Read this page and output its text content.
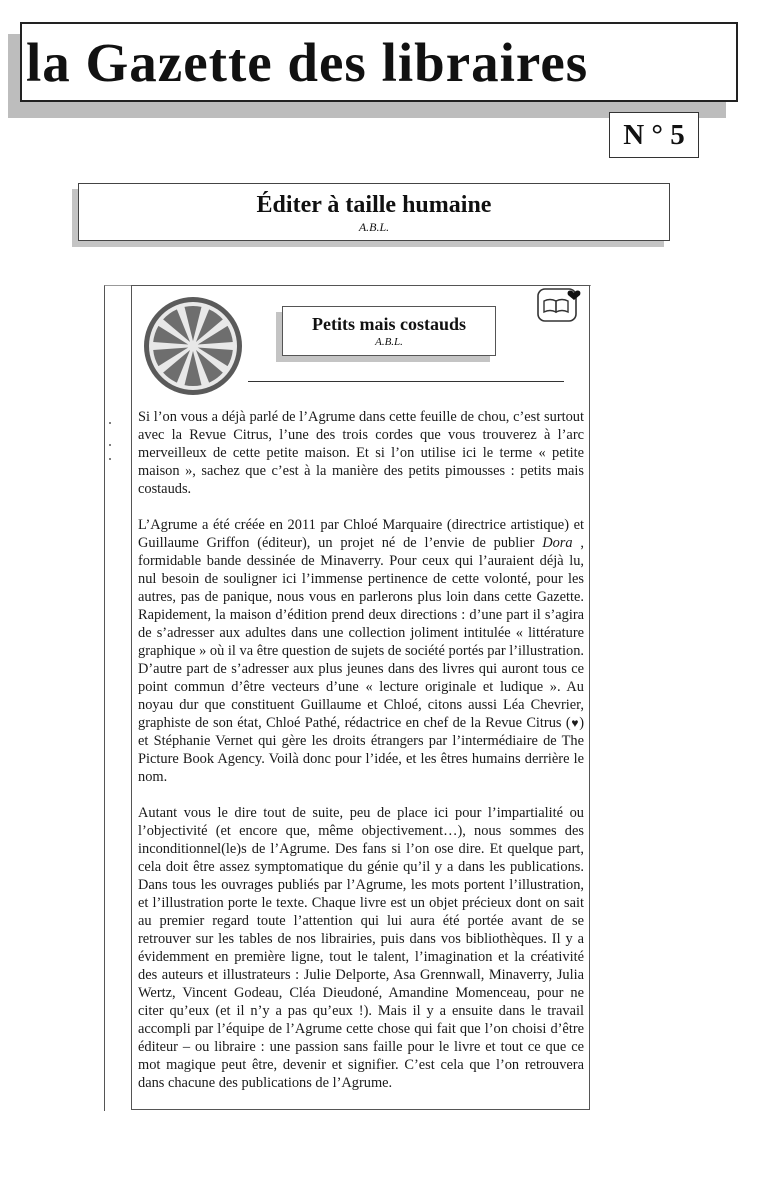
la Gazette des libraires
N ° 5
Éditer à taille humaine
A.B.L.
Petits mais costauds
A.B.L.

Si l’on vous a déjà parlé de l’Agrume dans cette feuille de chou, c’est surtout avec la Revue Citrus, l’une des trois cordes que vous trouverez à l’arc merveilleux de cette petite maison. Et si l’on utilise ici le terme « petite maison », sachez que c’est à la manière des petits pimousses : petits mais costauds.

L’Agrume a été créée en 2011 par Chloé Marquaire (directrice artistique) et Guillaume Griffon (éditeur), un projet né de l’envie de publier Dora , formidable bande dessinée de Minaverry. Pour ceux qui l’auraient déjà lu, nul besoin de souligner ici l’immense pertinence de cette volonté, pour les autres, pas de panique, nous vous en parlerons plus loin dans cette Gazette. Rapidement, la maison d’édition prend deux directions : d’une part il s’agira de s’adresser aux adultes dans une collection joliment intitulée « littérature graphique » où il va être question de sujets de société portés par l’illustration. D’autre part de s’adresser aux plus jeunes dans des livres qui auront tous ce point commun d’être vecteurs d’une « lecture originale et ludique ». Au noyau dur que constituent Guillaume et Chloé, citons aussi Léa Chevrier, graphiste de son état, Chloé Pathé, rédactrice en chef de la Revue Citrus (♥) et Stéphanie Vernet qui gère les droits étrangers par l’intermédiaire de The Picture Book Agency. Voilà donc pour l’idée, et les êtres humains derrière le nom.

Autant vous le dire tout de suite, peu de place ici pour l’impartialité ou l’objectivité (et encore que, même objectivement…), nous sommes des inconditionnel(le)s de l’Agrume. Des fans si l’on ose dire. Et quelque part, cela doit être assez symptomatique du génie qu’il y a dans les publications. Dans tous les ouvrages publiés par l’Agrume, les mots portent l’illustration, et l’illustration porte le texte. Chaque livre est un objet précieux dont on sait au premier regard toute l’attention qui lui aura été portée avant de se retrouver sur les tables de nos librairies, puis dans vos bibliothèques. Il y a évidemment en première ligne, tout le talent, l’imagination et la créativité des auteurs et illustrateurs : Julie Delporte, Asa Grennwall, Minaverry, Julia Wertz, Vincent Godeau, Cléa Dieudoné, Amandine Momenceau, pour ne citer qu’eux (et il n’y a pas qu’eux !). Mais il y a ensuite dans le travail accompli par l’équipe de l’Agrume cette chose qui fait que l’on choisi d’être éditeur – ou libraire : une passion sans faille pour le livre et tout ce que ce mot magique peut être, devenir et signifier. C’est cela que l’on retrouvera dans chacune des publications de l’Agrume.
